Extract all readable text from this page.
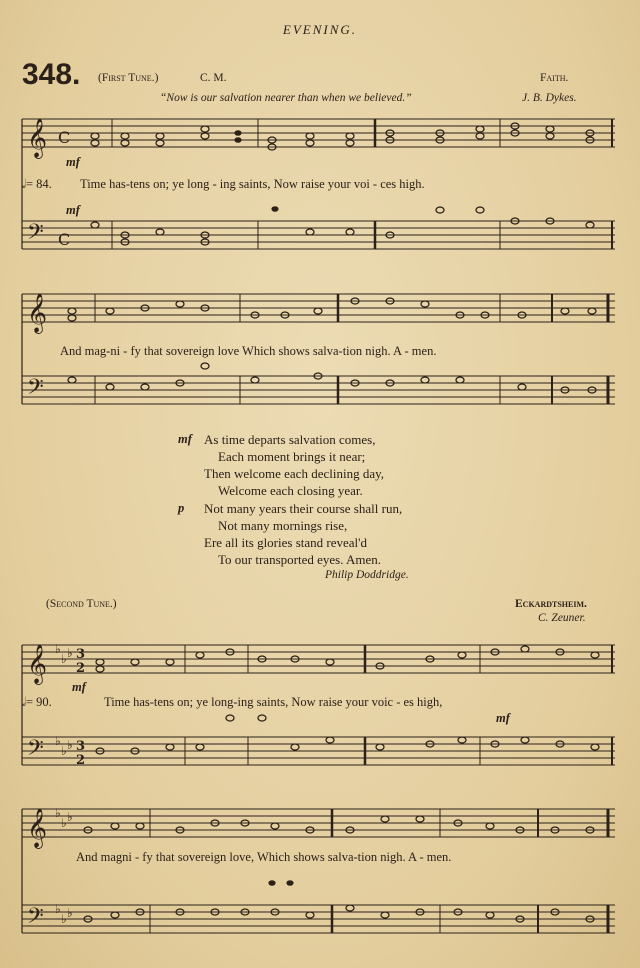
EVENING.
348. (First Tune.)	C. M.	Faith.
“Now is our salvation nearer than when we believed.”	J. B. Dykes.
𝄞
𝄢
C
C
mf
𝅗𝅥= 84. Time has-tens on; ye long - ing saints, Now raise your voi - ces high.
mf
𝄞
𝄢
And mag-ni - fy that sovereign love Which shows salva-tion nigh. A - men.
mf As time departs salvation comes,
Each moment brings it near;
Then welcome each declining day,
Welcome each closing year.
p Not many years their course shall run,
Not many mornings rise,
Ere all its glories stand reveal'd
To our transported eyes. Amen.
Philip Doddridge.
(Second Tune.)	Eckardtsheim.
C. Zeuner.
𝄞
𝄢
♭
♭ ♭
♭
♭ ♭
3
2
3
2
mf
𝅗𝅥= 90.	Time has-tens on; ye long-ing saints, Now raise your voic - es high,
mf
𝄞
𝄢
♭
♭ ♭
♭
♭ ♭
And magni - fy that sovereign love, Which shows salva-tion nigh. A - men.
